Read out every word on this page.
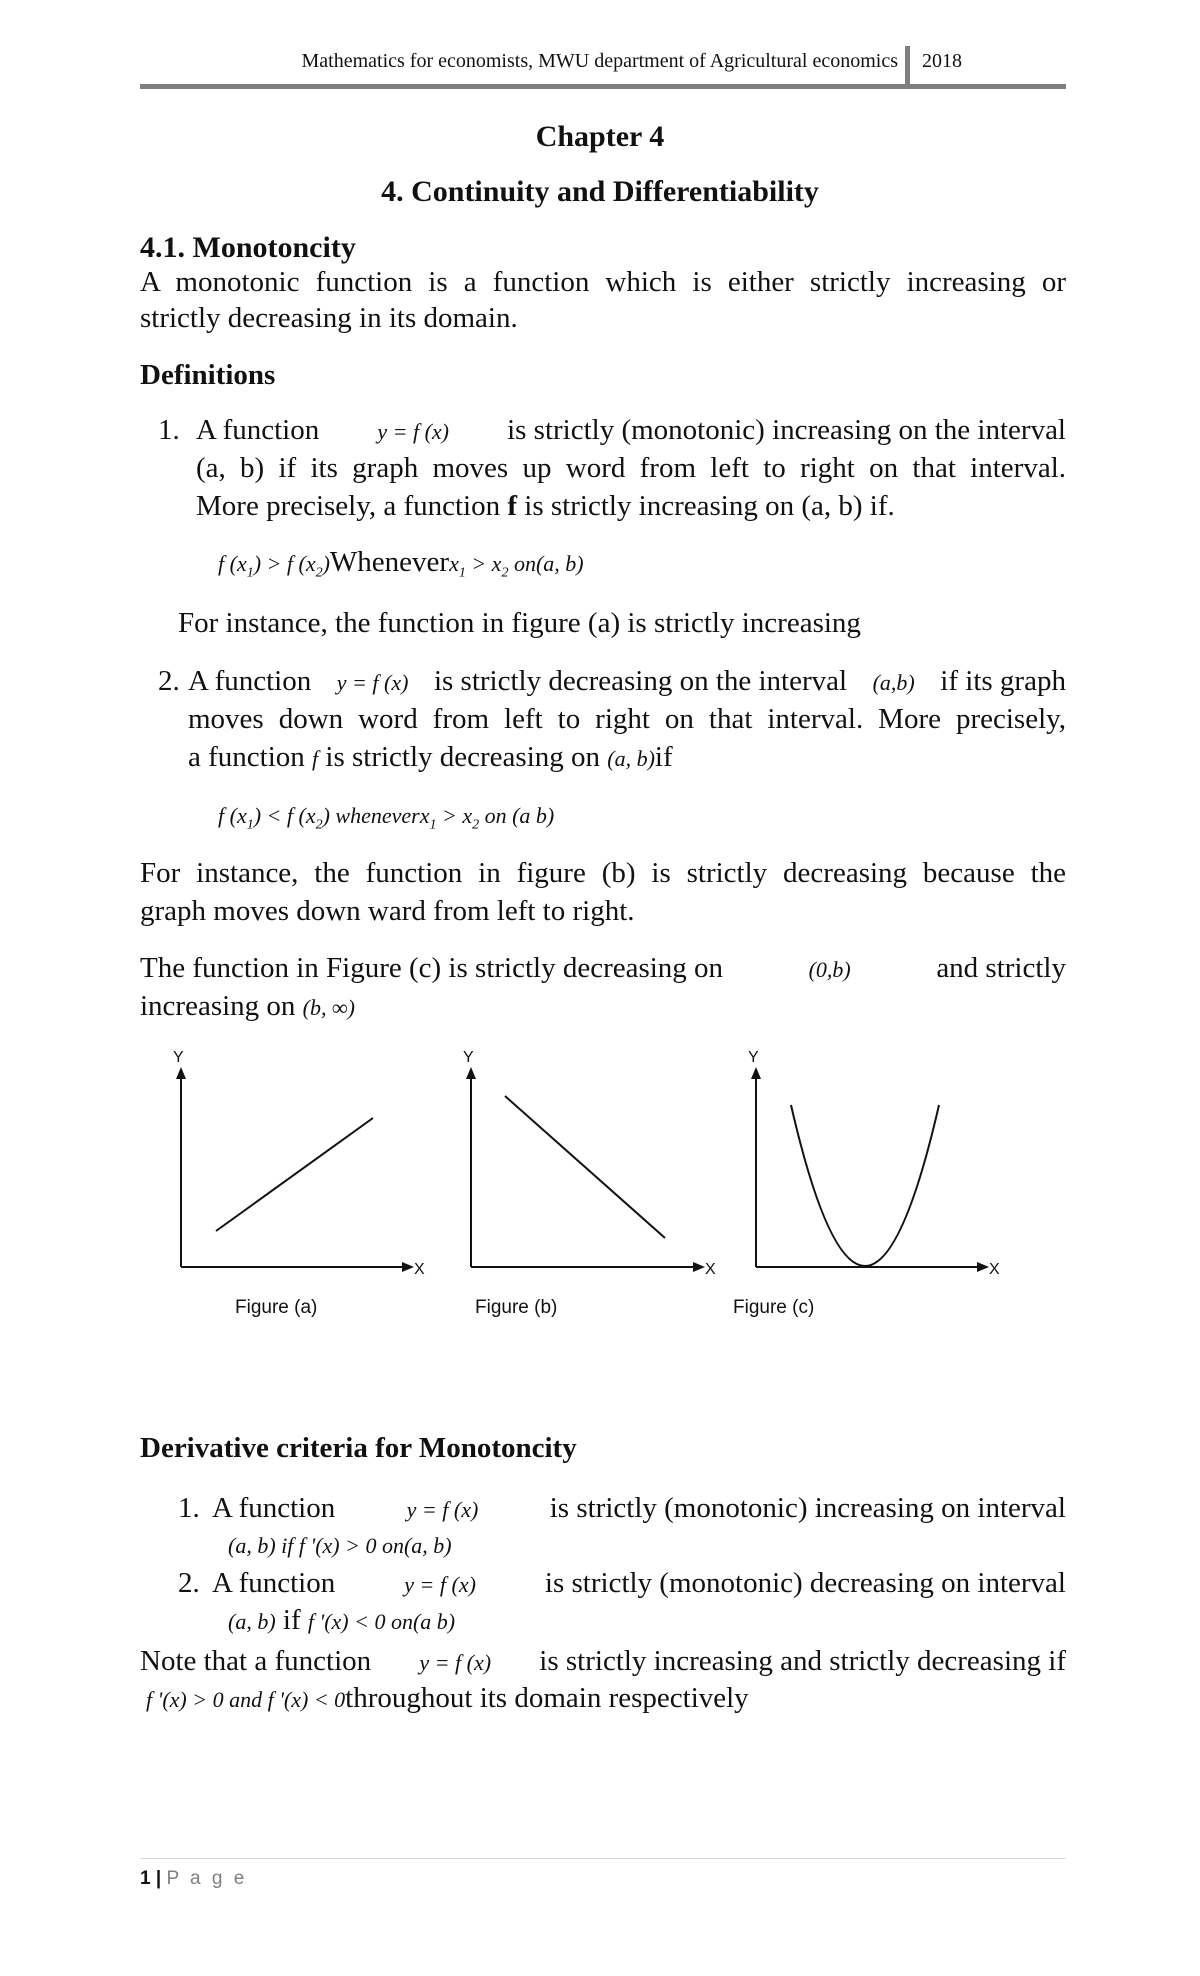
Mathematics for economists, MWU department of Agricultural economics 2018
Chapter 4
4. Continuity and Differentiability
4.1. Monotoncity
A monotonic function is a function which is either strictly increasing or
strictly decreasing in its domain.
Definitions
1. A function	y = f (x) is strictly (monotonic) increasing on the interval
(a, b) if its graph moves up word from left to right on that interval.
More precisely, a function f is strictly increasing on (a, b) if.
f $(x_1) > f$ $(x_2)Wheneverx_1 > x_2$ on(a, b)
For instance, the function in figure (a) is strictly increasing
2. A function y = f (x) is strictly decreasing on the interval (a,b) if its graph
moves down word from left to right on that interval. More precisely,
a function f is strictly decreasing on (a, b)if
f $(x_1) < f$ $(x_2)$ wheneverx$_1$ > $x_2$ on (a b)
For instance, the function in figure (b) is strictly decreasing because the
graph moves down ward from left to right.
The function in Figure (c) is strictly decreasing on	(0,b)	and strictly
increasing on (b, ∞)
Y
X
Figure (a)
Y
X
Figure (b)
Y
X
Figure (c)
Derivative criteria for Monotoncity
1. A function	y = f (x) is strictly (monotonic) increasing on interval
(a, b) if f '(x) > 0 on(a, b)
2. A function	y = f (x) is strictly (monotonic) decreasing on interval
(a, b) if f '(x) < 0 on(a b)
Note that a function y = f (x) is strictly increasing and strictly decreasing if
f '(x) > 0 and f '(x) < 0throughout its domain respectively
1 | P a g e
